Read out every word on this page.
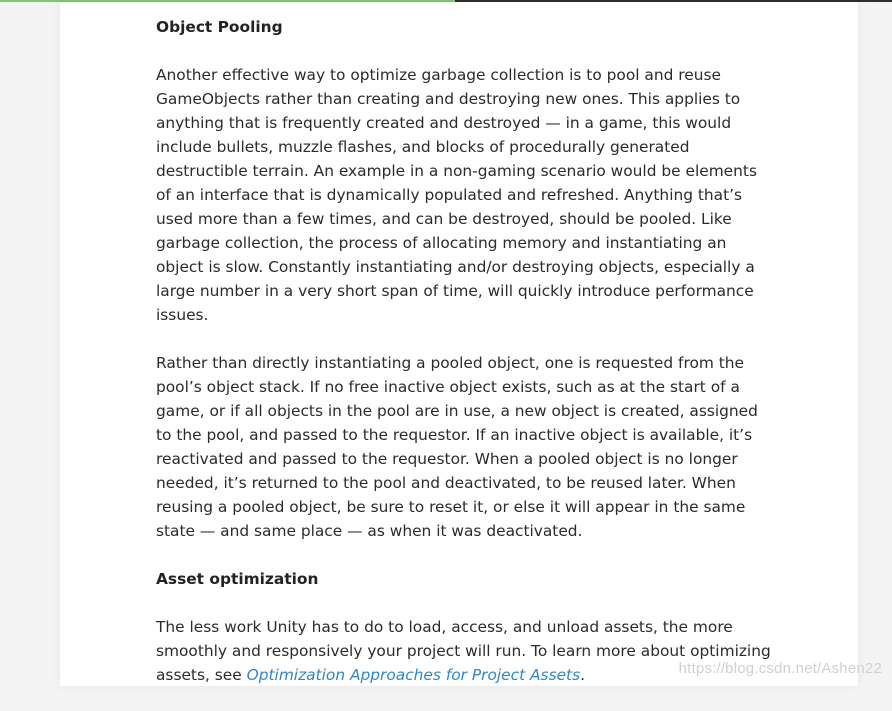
Object Pooling

Another effective way to optimize garbage collection is to pool and reuse GameObjects rather than creating and destroying new ones. This applies to anything that is frequently created and destroyed — in a game, this would include bullets, muzzle flashes, and blocks of procedurally generated destructible terrain. An example in a non-gaming scenario would be elements of an interface that is dynamically populated and refreshed. Anything that’s used more than a few times, and can be destroyed, should be pooled. Like garbage collection, the process of allocating memory and instantiating an object is slow. Constantly instantiating and/or destroying objects, especially a large number in a very short span of time, will quickly introduce performance issues.

Rather than directly instantiating a pooled object, one is requested from the pool’s object stack. If no free inactive object exists, such as at the start of a game, or if all objects in the pool are in use, a new object is created, assigned to the pool, and passed to the requestor. If an inactive object is available, it’s reactivated and passed to the requestor. When a pooled object is no longer needed, it’s returned to the pool and deactivated, to be reused later. When reusing a pooled object, be sure to reset it, or else it will appear in the same state — and same place — as when it was deactivated.

Asset optimization

The less work Unity has to do to load, access, and unload assets, the more smoothly and responsively your project will run. To learn more about optimizing assets, see Optimization Approaches for Project Assets.	https://blog.csdn.net/Ashen22
